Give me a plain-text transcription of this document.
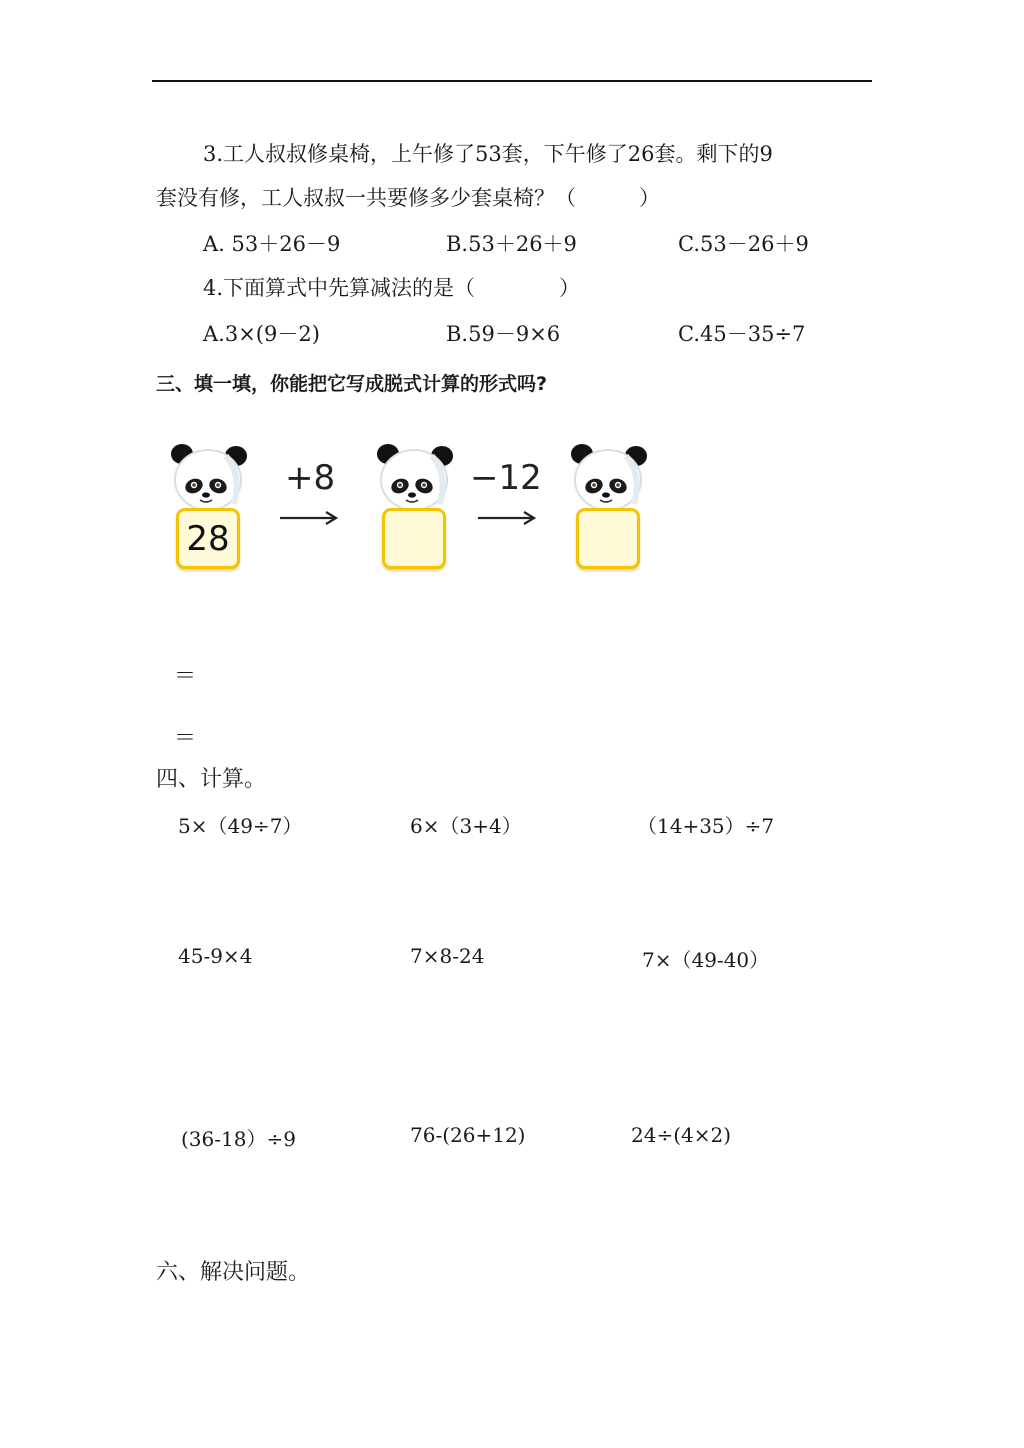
3.工人叔叔修桌椅，上午修了53套，下午修了26套。剩下的9
套没有修，工人叔叔一共要修多少套桌椅？（　　　）
A. 53＋26－9	B.53＋26＋9	C.53－26＋9
4.下面算式中先算减法的是（　　　　）
A.3×(9－2)	B.59－9×6	C.45－35÷7
三、填一填，你能把它写成脱式计算的形式吗?
28
+8	−12
＝
＝
四、计算。
5×（49÷7）	6×（3+4）	（14+35）÷7
45-9×4	7×8-24	7×（49-40）
(36-18）÷9	76-(26+12)	24÷(4×2)
六、解决问题。
